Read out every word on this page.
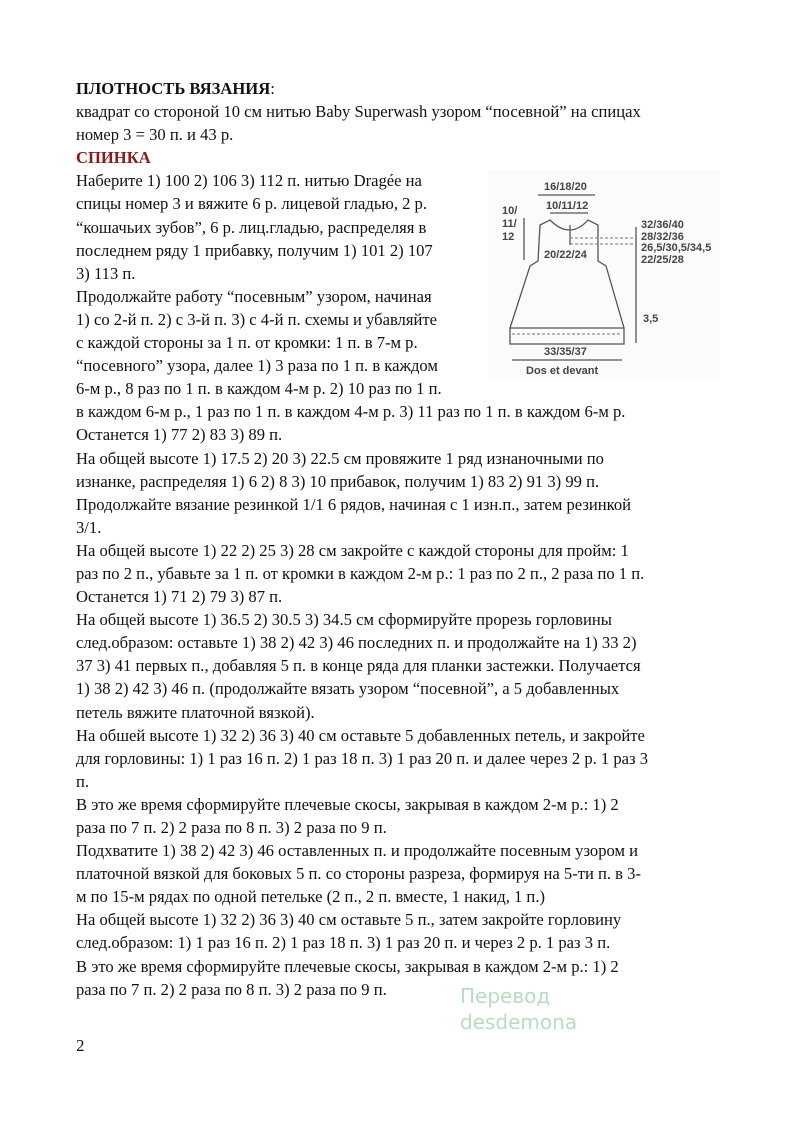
ПЛОТНОСТЬ ВЯЗАНИЯ:
квадрат со стороной 10 см нитью Baby Superwash узором “посевной” на спицах
номер 3 = 30 п. и 43 р.
СПИНКА
Наберите 1) 100 2) 106 3) 112 п. нитью Dragée на
спицы номер 3 и вяжите 6 р. лицевой гладью, 2 р.
“кошачьих зубов”, 6 р. лиц.гладью, распределяя в
последнем ряду 1 прибавку, получим 1) 101 2) 107
3) 113 п.
Продолжайте работу “посевным” узором, начиная
1) со 2-й п. 2) с 3-й п. 3) с 4-й п. схемы и убавляйте
с каждой стороны за 1 п. от кромки: 1 п. в 7-м р.
“посевного” узора, далее 1) 3 раза по 1 п. в каждом
6-м р., 8 раз по 1 п. в каждом 4-м р. 2) 10 раз по 1 п.
в каждом 6-м р., 1 раз по 1 п. в каждом 4-м р. 3) 11 раз по 1 п. в каждом 6-м р.
Останется 1) 77 2) 83 3) 89 п.
На общей высоте 1) 17.5 2) 20 3) 22.5 см провяжите 1 ряд изнаночными по
изнанке, распределяя 1) 6 2) 8 3) 10 прибавок, получим 1) 83 2) 91 3) 99 п.
Продолжайте вязание резинкой 1/1 6 рядов, начиная с 1 изн.п., затем резинкой
3/1.
На общей высоте 1) 22 2) 25 3) 28 см закройте с каждой стороны для пройм: 1
раз по 2 п., убавьте за 1 п. от кромки в каждом 2-м р.: 1 раз по 2 п., 2 раза по 1 п.
Останется 1) 71 2) 79 3) 87 п.
На общей высоте 1) 36.5 2) 30.5 3) 34.5 см сформируйте прорезь горловины
след.образом: оставьте 1) 38 2) 42 3) 46 последних п. и продолжайте на 1) 33 2)
37 3) 41 первых п., добавляя 5 п. в конце ряда для планки застежки. Получается
1) 38 2) 42 3) 46 п. (продолжайте вязать узором “посевной”, а 5 добавленных
петель вяжите платочной вязкой).
На обшей высоте 1) 32 2) 36 3) 40 см оставьте 5 добавленных петель, и закройте
для горловины: 1) 1 раз 16 п. 2) 1 раз 18 п. 3) 1 раз 20 п. и далее через 2 р. 1 раз 3
п.
В это же время сформируйте плечевые скосы, закрывая в каждом 2-м р.: 1) 2
раза по 7 п. 2) 2 раза по 8 п. 3) 2 раза по 9 п.
Подхватите 1) 38 2) 42 3) 46 оставленных п. и продолжайте посевным узором и
платочной вязкой для боковых 5 п. со стороны разреза, формируя на 5-ти п. в 3-
м по 15-м рядах по одной петельке (2 п., 2 п. вместе, 1 накид, 1 п.)
На общей высоте 1) 32 2) 36 3) 40 см оставьте 5 п., затем закройте горловину
след.образом: 1) 1 раз 16 п. 2) 1 раз 18 п. 3) 1 раз 20 п. и через 2 р. 1 раз 3 п.
В это же время сформируйте плечевые скосы, закрывая в каждом 2-м р.: 1) 2
раза по 7 п. 2) 2 раза по 8 п. 3) 2 раза по 9 п.
16/18/20
10/11/12
10/
11/
12
20/22/24
32/36/40
28/32/36
26,5/30,5/34,5
22/25/28
3,5
33/35/37
Dos et devant
Перевод
desdemona
2
